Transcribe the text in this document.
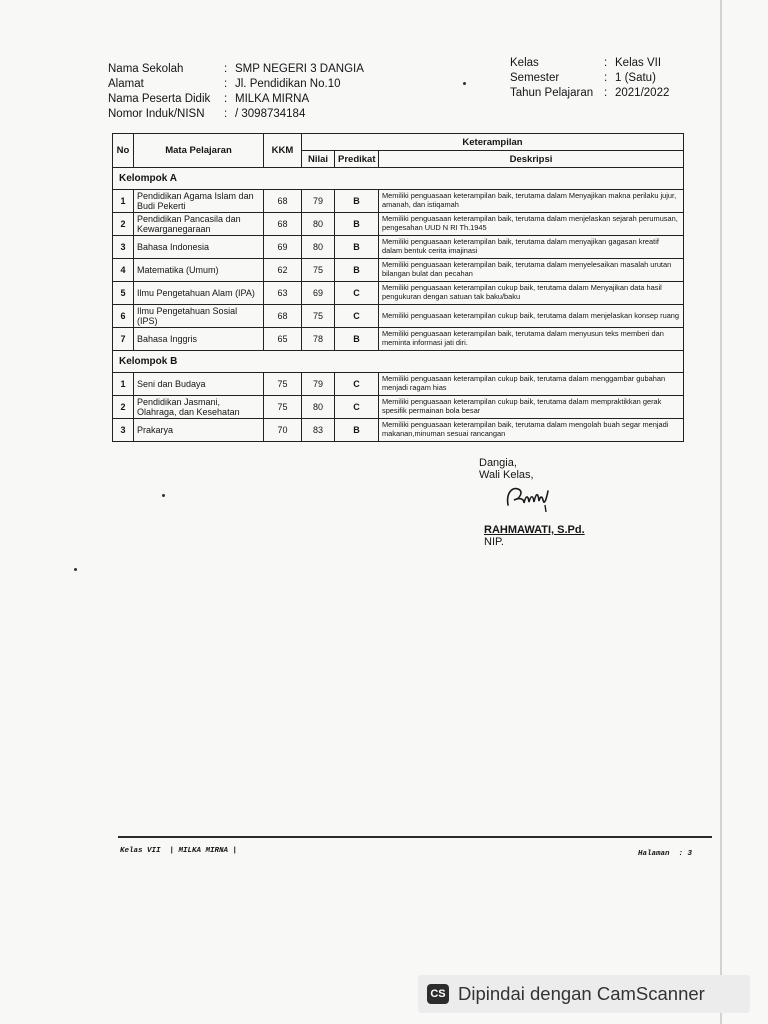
Nama Sekolah	: SMP NEGERI 3 DANGIA
Alamat	: Jl. Pendidikan No.10
Nama Peserta Didik	: MILKA MIRNA
Nomor Induk/NISN	: / 3098734184
Kelas	: Kelas VII
Semester	: 1 (Satu)
Tahun Pelajaran : 2021/2022
No	Mata Pelajaran	KKM	Keterampilan		
			Nilai	Predikat	Deskripsi
Kelompok A					
1	Pendidikan Agama Islam dan Budi Pekerti	68	79	B	Memiliki penguasaan keterampilan baik, terutama dalam Menyajikan makna perilaku jujur, amanah, dan istiqamah
2	Pendidikan Pancasila dan Kewarganegaraan	68	80	B	Memiliki penguasaan keterampilan baik, terutama dalam menjelaskan sejarah perumusan, pengesahan UUD N RI Th.1945
3	Bahasa Indonesia	69	80	B	Memiliki penguasaan keterampilan baik, terutama dalam menyajikan gagasan kreatif dalam bentuk cerita imajinasi
4	Matematika (Umum)	62	75	B	Memiliki penguasaan keterampilan baik, terutama dalam menyelesaikan masalah urutan bilangan bulat dan pecahan
5	Ilmu Pengetahuan Alam (IPA)	63	69	C	Memiliki penguasaan keterampilan cukup baik, terutama dalam Menyajikan data hasil pengukuran dengan satuan tak baku/baku
6	Ilmu Pengetahuan Sosial (IPS)	68	75	C	Memiliki penguasaan keterampilan cukup baik, terutama dalam menjelaskan konsep ruang
7	Bahasa Inggris	65	78	B	Memiliki penguasaan keterampilan baik, terutama dalam menyusun teks memberi dan meminta informasi jati diri.
Kelompok B					
1	Seni dan Budaya	75	79	C	Memiliki penguasaan keterampilan cukup baik, terutama dalam menggambar gubahan menjadi ragam hias
2	Pendidikan Jasmani, Olahraga, dan Kesehatan	75	80	C	Memiliki penguasaan keterampilan cukup baik, terutama dalam mempraktikkan gerak spesifik permainan bola besar
3	Prakarya	70	83	B	Memiliki penguasaan keterampilan baik, terutama dalam mengolah buah segar menjadi makanan,minuman sesuai rancangan
Dangia,
Wali Kelas,
RAHMAWATI, S.Pd.
NIP.
Kelas VII  | MILKA MIRNA |	Halaman  : 3
CS Dipindai dengan CamScanner
